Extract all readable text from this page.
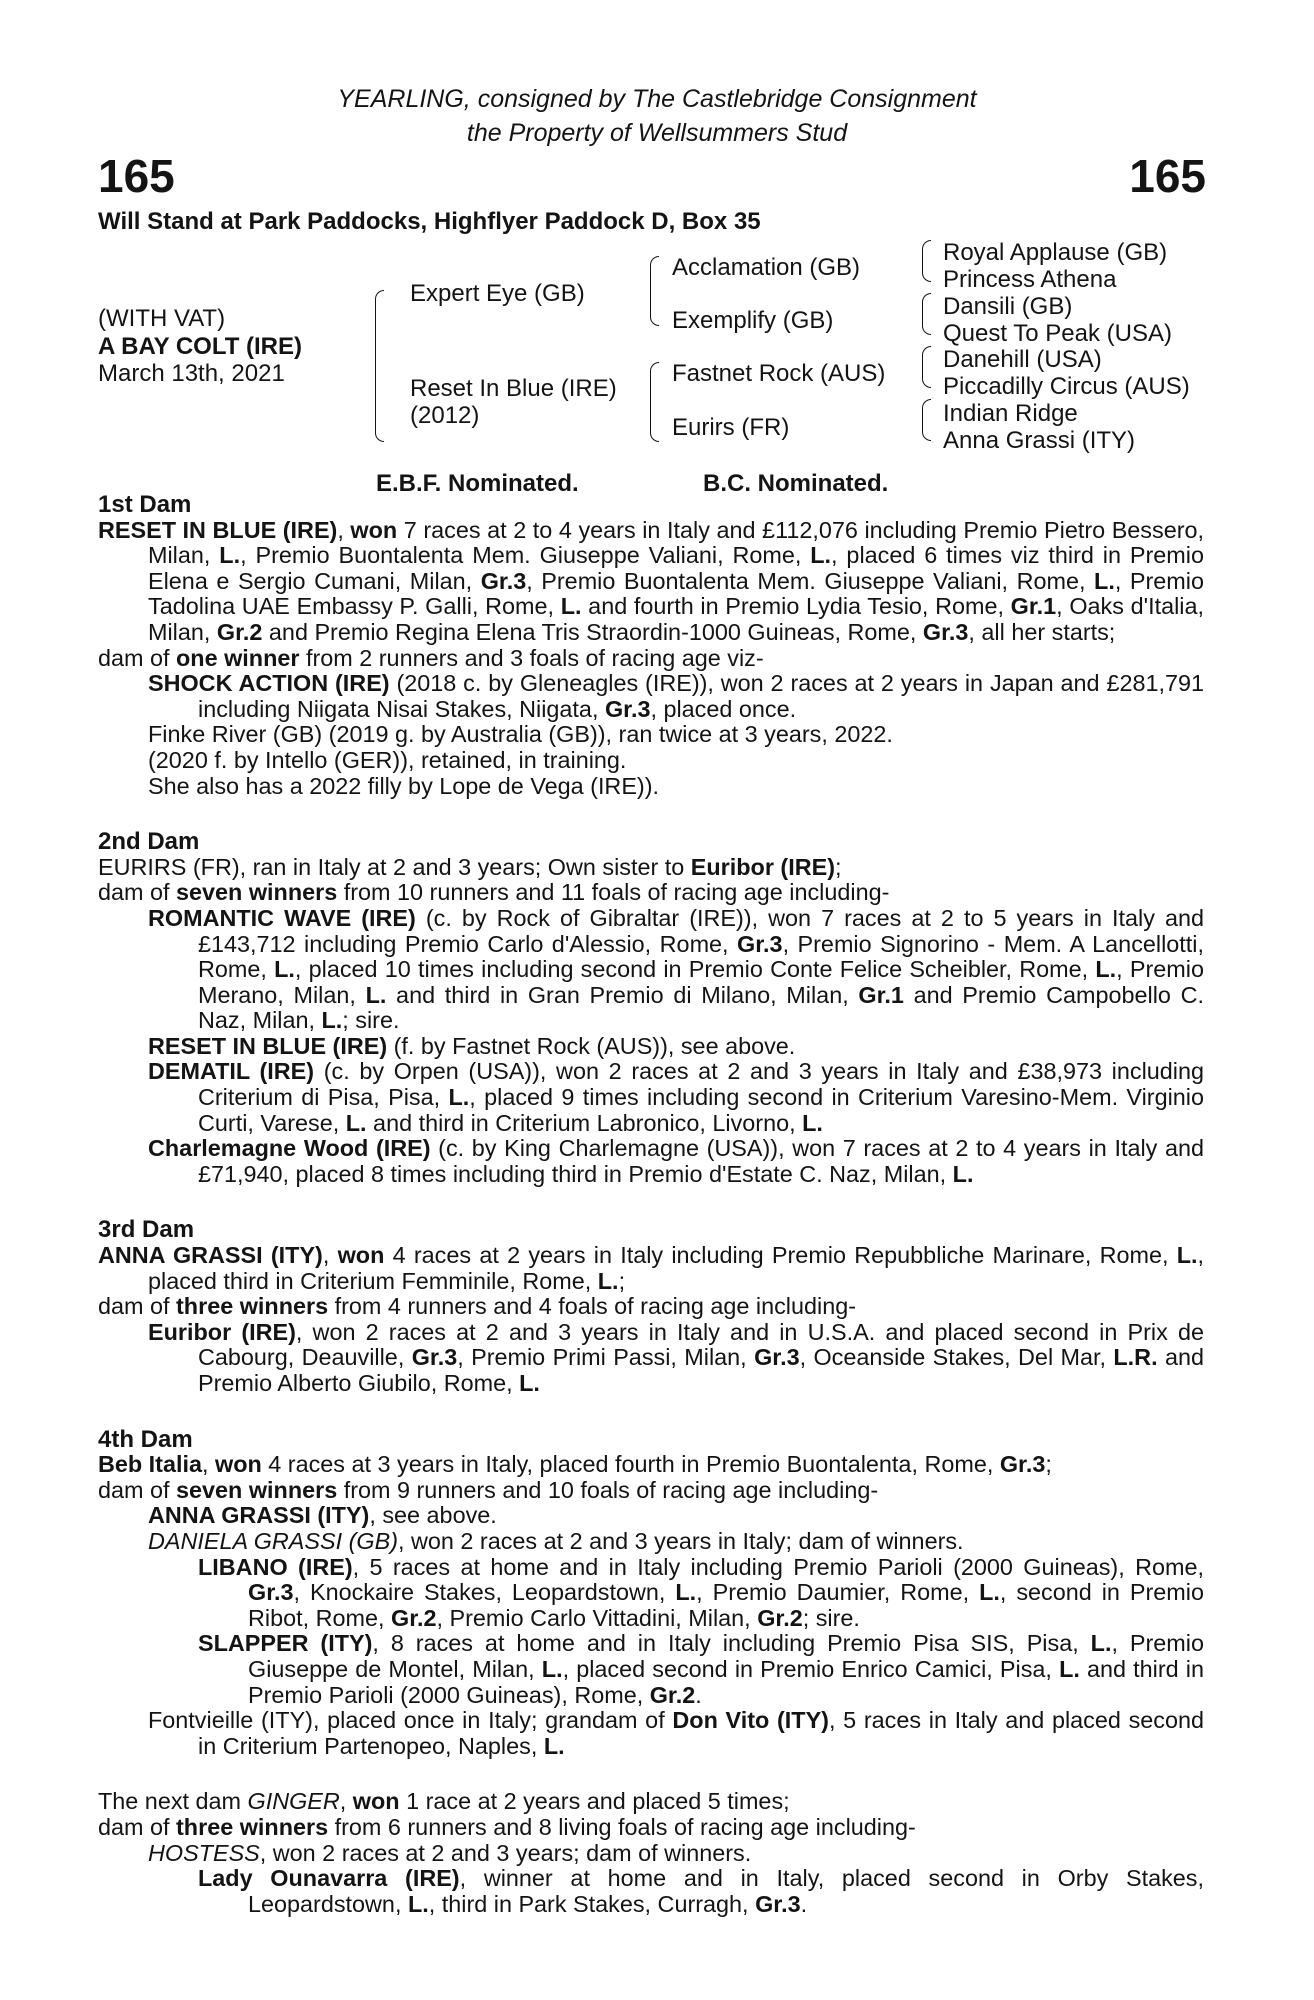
YEARLING, consigned by The Castlebridge Consignment
the Property of Wellsummers Stud
165	165
Will Stand at Park Paddocks, Highflyer Paddock D, Box 35
(WITH VAT)
A BAY COLT (IRE)
March 13th, 2021
Expert Eye (GB)
Reset In Blue (IRE)
(2012)
Acclamation (GB)
Exemplify (GB)
Fastnet Rock (AUS)
Eurirs (FR)
Royal Applause (GB)
Princess Athena
Dansili (GB)
Quest To Peak (USA)
Danehill (USA)
Piccadilly Circus (AUS)
Indian Ridge
Anna Grassi (ITY)
E.B.F. Nominated.	B.C. Nominated.
1st Dam
RESET IN BLUE (IRE), won 7 races at 2 to 4 years in Italy and £112,076 including Premio Pietro Bessero, Milan, L., Premio Buontalenta Mem. Giuseppe Valiani, Rome, L., placed 6 times viz third in Premio Elena e Sergio Cumani, Milan, Gr.3, Premio Buontalenta Mem. Giuseppe Valiani, Rome, L., Premio Tadolina UAE Embassy P. Galli, Rome, L. and fourth in Premio Lydia Tesio, Rome, Gr.1, Oaks d'Italia, Milan, Gr.2 and Premio Regina Elena Tris Straordin-1000 Guineas, Rome, Gr.3, all her starts;
dam of one winner from 2 runners and 3 foals of racing age viz-
SHOCK ACTION (IRE) (2018 c. by Gleneagles (IRE)), won 2 races at 2 years in Japan and £281,791 including Niigata Nisai Stakes, Niigata, Gr.3, placed once.
Finke River (GB) (2019 g. by Australia (GB)), ran twice at 3 years, 2022.
(2020 f. by Intello (GER)), retained, in training.
She also has a 2022 filly by Lope de Vega (IRE)).
2nd Dam
EURIRS (FR), ran in Italy at 2 and 3 years; Own sister to Euribor (IRE);
dam of seven winners from 10 runners and 11 foals of racing age including-
ROMANTIC WAVE (IRE) (c. by Rock of Gibraltar (IRE)), won 7 races at 2 to 5 years in Italy and £143,712 including Premio Carlo d'Alessio, Rome, Gr.3, Premio Signorino - Mem. A Lancellotti, Rome, L., placed 10 times including second in Premio Conte Felice Scheibler, Rome, L., Premio Merano, Milan, L. and third in Gran Premio di Milano, Milan, Gr.1 and Premio Campobello C. Naz, Milan, L.; sire.
RESET IN BLUE (IRE) (f. by Fastnet Rock (AUS)), see above.
DEMATIL (IRE) (c. by Orpen (USA)), won 2 races at 2 and 3 years in Italy and £38,973 including Criterium di Pisa, Pisa, L., placed 9 times including second in Criterium Varesino-Mem. Virginio Curti, Varese, L. and third in Criterium Labronico, Livorno, L.
Charlemagne Wood (IRE) (c. by King Charlemagne (USA)), won 7 races at 2 to 4 years in Italy and £71,940, placed 8 times including third in Premio d'Estate C. Naz, Milan, L.
3rd Dam
ANNA GRASSI (ITY), won 4 races at 2 years in Italy including Premio Repubbliche Marinare, Rome, L., placed third in Criterium Femminile, Rome, L.;
dam of three winners from 4 runners and 4 foals of racing age including-
Euribor (IRE), won 2 races at 2 and 3 years in Italy and in U.S.A. and placed second in Prix de Cabourg, Deauville, Gr.3, Premio Primi Passi, Milan, Gr.3, Oceanside Stakes, Del Mar, L.R. and Premio Alberto Giubilo, Rome, L.
4th Dam
Beb Italia, won 4 races at 3 years in Italy, placed fourth in Premio Buontalenta, Rome, Gr.3;
dam of seven winners from 9 runners and 10 foals of racing age including-
ANNA GRASSI (ITY), see above.
DANIELA GRASSI (GB), won 2 races at 2 and 3 years in Italy; dam of winners.
LIBANO (IRE), 5 races at home and in Italy including Premio Parioli (2000 Guineas), Rome, Gr.3, Knockaire Stakes, Leopardstown, L., Premio Daumier, Rome, L., second in Premio Ribot, Rome, Gr.2, Premio Carlo Vittadini, Milan, Gr.2; sire.
SLAPPER (ITY), 8 races at home and in Italy including Premio Pisa SIS, Pisa, L., Premio Giuseppe de Montel, Milan, L., placed second in Premio Enrico Camici, Pisa, L. and third in Premio Parioli (2000 Guineas), Rome, Gr.2.
Fontvieille (ITY), placed once in Italy; grandam of Don Vito (ITY), 5 races in Italy and placed second in Criterium Partenopeo, Naples, L.
The next dam GINGER, won 1 race at 2 years and placed 5 times;
dam of three winners from 6 runners and 8 living foals of racing age including-
HOSTESS, won 2 races at 2 and 3 years; dam of winners.
Lady Ounavarra (IRE), winner at home and in Italy, placed second in Orby Stakes, Leopardstown, L., third in Park Stakes, Curragh, Gr.3.
